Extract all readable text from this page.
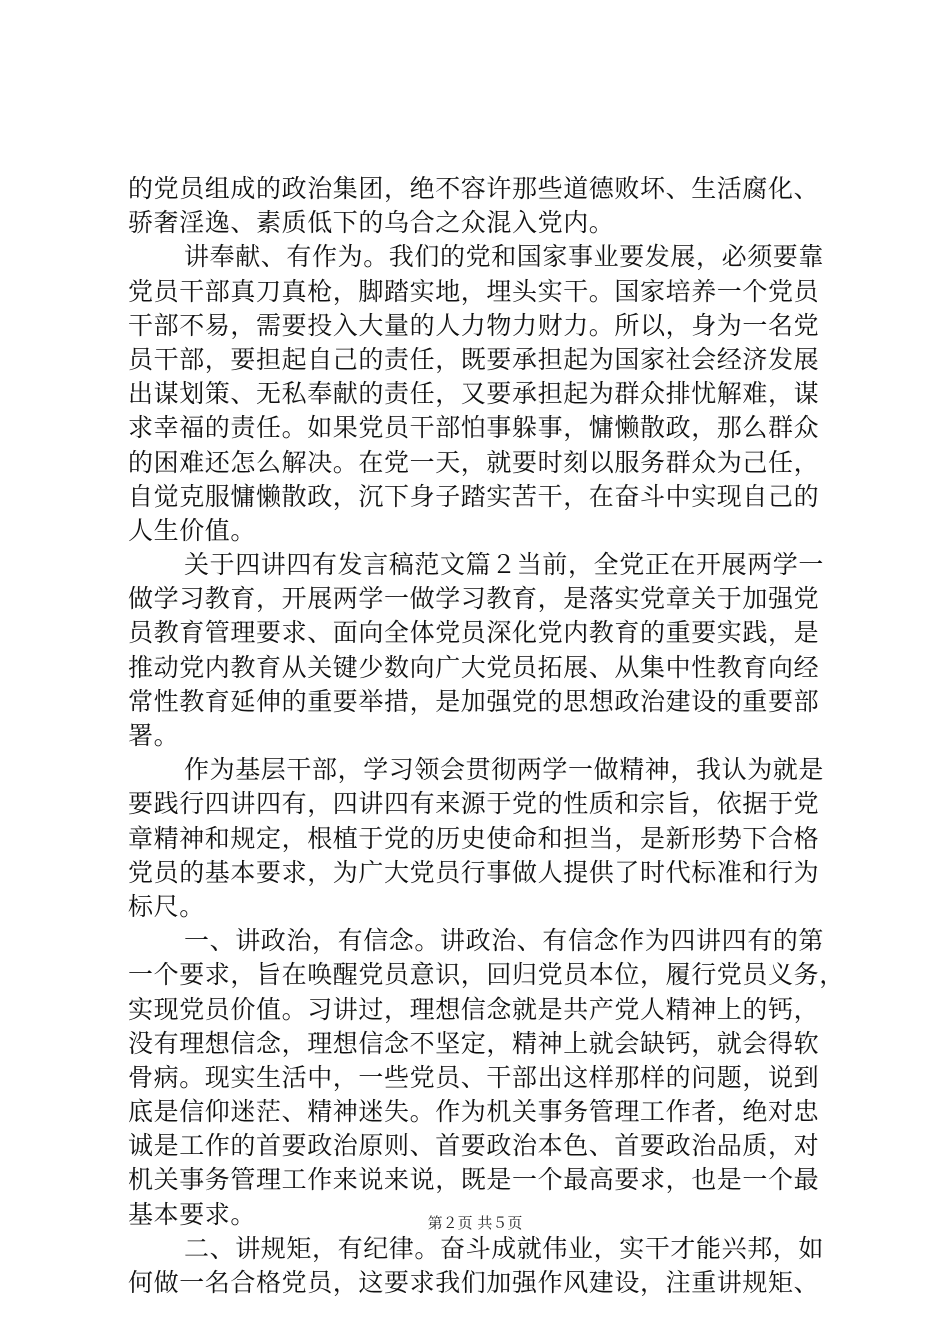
的党员组成的政治集团，绝不容许那些道德败坏、生活腐化、
骄奢淫逸、素质低下的乌合之众混入党内。
讲奉献、有作为。我们的党和国家事业要发展，必须要靠
党员干部真刀真枪，脚踏实地，埋头实干。国家培养一个党员
干部不易，需要投入大量的人力物力财力。所以，身为一名党
员干部，要担起自己的责任，既要承担起为国家社会经济发展
出谋划策、无私奉献的责任，又要承担起为群众排忧解难，谋
求幸福的责任。如果党员干部怕事躲事，慵懒散政，那么群众
的困难还怎么解决。在党一天，就要时刻以服务群众为己任，
自觉克服慵懒散政，沉下身子踏实苦干，在奋斗中实现自己的
人生价值。
关于四讲四有发言稿范文篇２当前，全党正在开展两学一
做学习教育，开展两学一做学习教育，是落实党章关于加强党
员教育管理要求、面向全体党员深化党内教育的重要实践，是
推动党内教育从关键少数向广大党员拓展、从集中性教育向经
常性教育延伸的重要举措，是加强党的思想政治建设的重要部
署。
作为基层干部，学习领会贯彻两学一做精神，我认为就是
要践行四讲四有，四讲四有来源于党的性质和宗旨，依据于党
章精神和规定，根植于党的历史使命和担当，是新形势下合格
党员的基本要求，为广大党员行事做人提供了时代标准和行为
标尺。
一、讲政治，有信念。讲政治、有信念作为四讲四有的第
一个要求，旨在唤醒党员意识，回归党员本位，履行党员义务，
实现党员价值。习讲过，理想信念就是共产党人精神上的钙，
没有理想信念，理想信念不坚定，精神上就会缺钙，就会得软
骨病。现实生活中，一些党员、干部出这样那样的问题，说到
底是信仰迷茫、精神迷失。作为机关事务管理工作者，绝对忠
诚是工作的首要政治原则、首要政治本色、首要政治品质，对
机关事务管理工作来说来说，既是一个最高要求，也是一个最
基本要求。
二、讲规矩，有纪律。奋斗成就伟业，实干才能兴邦，如
何做一名合格党员，这要求我们加强作风建设，注重讲规矩、
第２页 共５页
